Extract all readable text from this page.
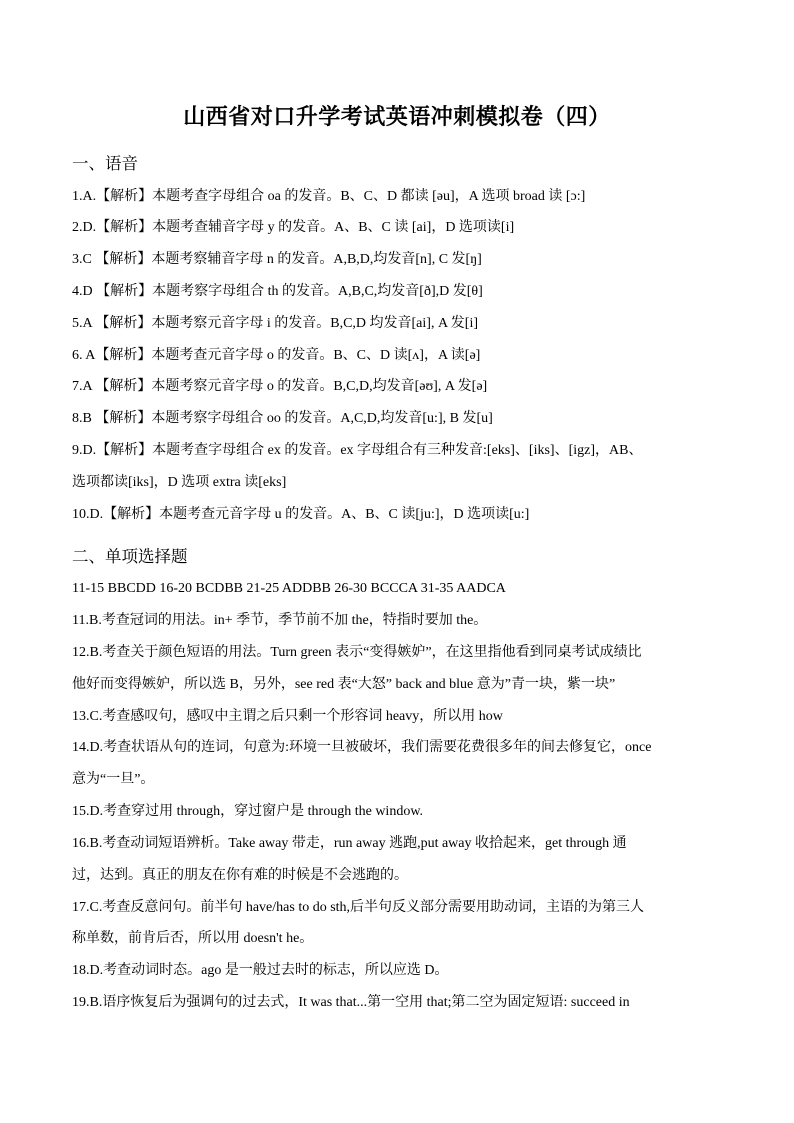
山西省对口升学考试英语冲刺模拟卷（四）
一、语音
1.A.【解析】本题考查字母组合 oa 的发音。B、C、D 都读 [əu]，A 选项 broad 读 [ɔ:]
2.D.【解析】本题考查辅音字母 y 的发音。A、B、C 读 [ai]，D 选项读[i]
3.C 【解析】本题考察辅音字母 n 的发音。A,B,D,均发音[n], C 发[ŋ]
4.D 【解析】本题考察字母组合 th 的发音。A,B,C,均发音[ð],D 发[θ]
5.A 【解析】本题考察元音字母 i 的发音。B,C,D 均发音[ai], A 发[i]
6. A【解析】本题考查元音字母 o 的发音。B、C、D 读[ʌ]，A 读[ə]
7.A 【解析】本题考察元音字母 o 的发音。B,C,D,均发音[əʊ], A 发[ə]
8.B 【解析】本题考察字母组合 oo 的发音。A,C,D,均发音[u:], B 发[u]
9.D.【解析】本题考查字母组合 ex 的发音。ex 字母组合有三种发音:[eks]、[iks]、[igz]，AB、
选项都读[iks]，D 选项 extra 读[eks]
10.D.【解析】本题考查元音字母 u 的发音。A、B、C 读[ju:]，D 选项读[u:]
二、单项选择题
11-15 BBCDD 16-20 BCDBB 21-25 ADDBB 26-30 BCCCA 31-35 AADCA
11.B.考查冠词的用法。in+ 季节，季节前不加 the，特指时要加 the。
12.B.考查关于颜色短语的用法。Turn green 表示“变得嫉妒”，在这里指他看到同桌考试成绩比
他好而变得嫉妒，所以选 B，另外，see red 表“大怒” back and blue 意为”青一块，紫一块”
13.C.考查感叹句，感叹中主谓之后只剩一个形容词 heavy，所以用 how
14.D.考查状语从句的连词，句意为:环境一旦被破坏，我们需要花费很多年的间去修复它，once
意为“一旦”。
15.D.考查穿过用 through，穿过窗户是 through the window.
16.B.考查动词短语辨析。Take away 带走，run away 逃跑,put away 收拾起来，get through 通
过，达到。真正的朋友在你有难的时候是不会逃跑的。
17.C.考查反意问句。前半句 have/has to do sth,后半句反义部分需要用助动词，主语的为第三人
称单数，前肯后否，所以用 doesn't he。
18.D.考查动词时态。ago 是一般过去时的标志，所以应选 D。
19.B.语序恢复后为强调句的过去式，It was that...第一空用 that;第二空为固定短语: succeed in
